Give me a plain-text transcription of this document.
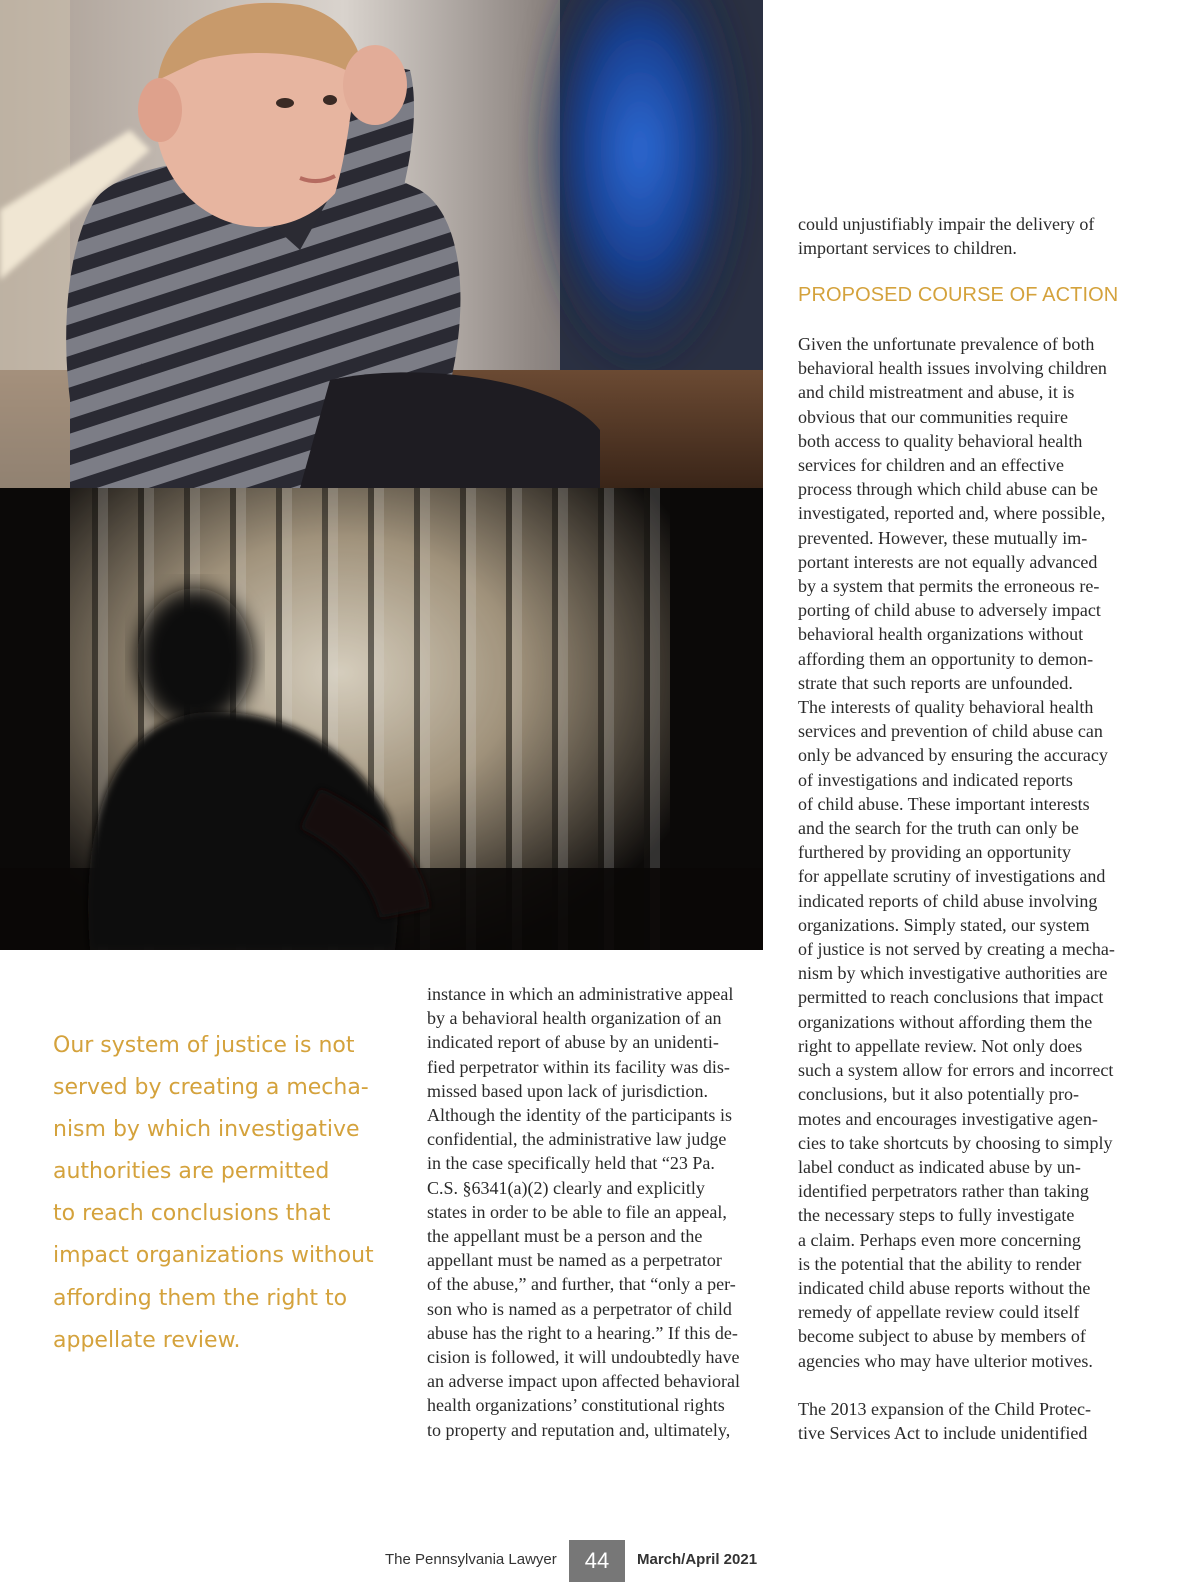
could unjustifiably impair the delivery of
important services to children.
PROPOSED COURSE OF ACTION
Given the unfortunate prevalence of both
behavioral health issues involving children
and child mistreatment and abuse, it is
obvious that our communities require
both access to quality behavioral health
services for children and an effective
process through which child abuse can be
investigated, reported and, where possible,
prevented. However, these mutually im-
portant interests are not equally advanced
by a system that permits the erroneous re-
porting of child abuse to adversely impact
behavioral health organizations without
affording them an opportunity to demon-
strate that such reports are unfounded.
The interests of quality behavioral health
services and prevention of child abuse can
only be advanced by ensuring the accuracy
of investigations and indicated reports
of child abuse. These important interests
and the search for the truth can only be
furthered by providing an opportunity
for appellate scrutiny of investigations and
indicated reports of child abuse involving
organizations. Simply stated, our system
of justice is not served by creating a mecha-
nism by which investigative authorities are
permitted to reach conclusions that impact
organizations without affording them the
right to appellate review. Not only does
such a system allow for errors and incorrect
conclusions, but it also potentially pro-
motes and encourages investigative agen-
cies to take shortcuts by choosing to simply
label conduct as indicated abuse by un-
identified perpetrators rather than taking
the necessary steps to fully investigate
a claim. Perhaps even more concerning
is the potential that the ability to render
indicated child abuse reports without the
remedy of appellate review could itself
become subject to abuse by members of
agencies who may have ulterior motives.
The 2013 expansion of the Child Protec-
tive Services Act to include unidentified
instance in which an administrative appeal
by a behavioral health organization of an
indicated report of abuse by an unidenti-
fied perpetrator within its facility was dis-
missed based upon lack of jurisdiction.
Although the identity of the participants is
confidential, the administrative law judge
in the case specifically held that “23 Pa.
C.S. §6341(a)(2) clearly and explicitly
states in order to be able to file an appeal,
the appellant must be a person and the
appellant must be named as a perpetrator
of the abuse,” and further, that “only a per-
son who is named as a perpetrator of child
abuse has the right to a hearing.” If this de-
cision is followed, it will undoubtedly have
an adverse impact upon affected behavioral
health organizations’ constitutional rights
to property and reputation and, ultimately,
Our system of justice is not
served by creating a mecha-
nism by which investigative
authorities are permitted
to reach conclusions that
impact organizations without
affording them the right to
appellate review.
The Pennsylvania Lawyer	44	March/April 2021
